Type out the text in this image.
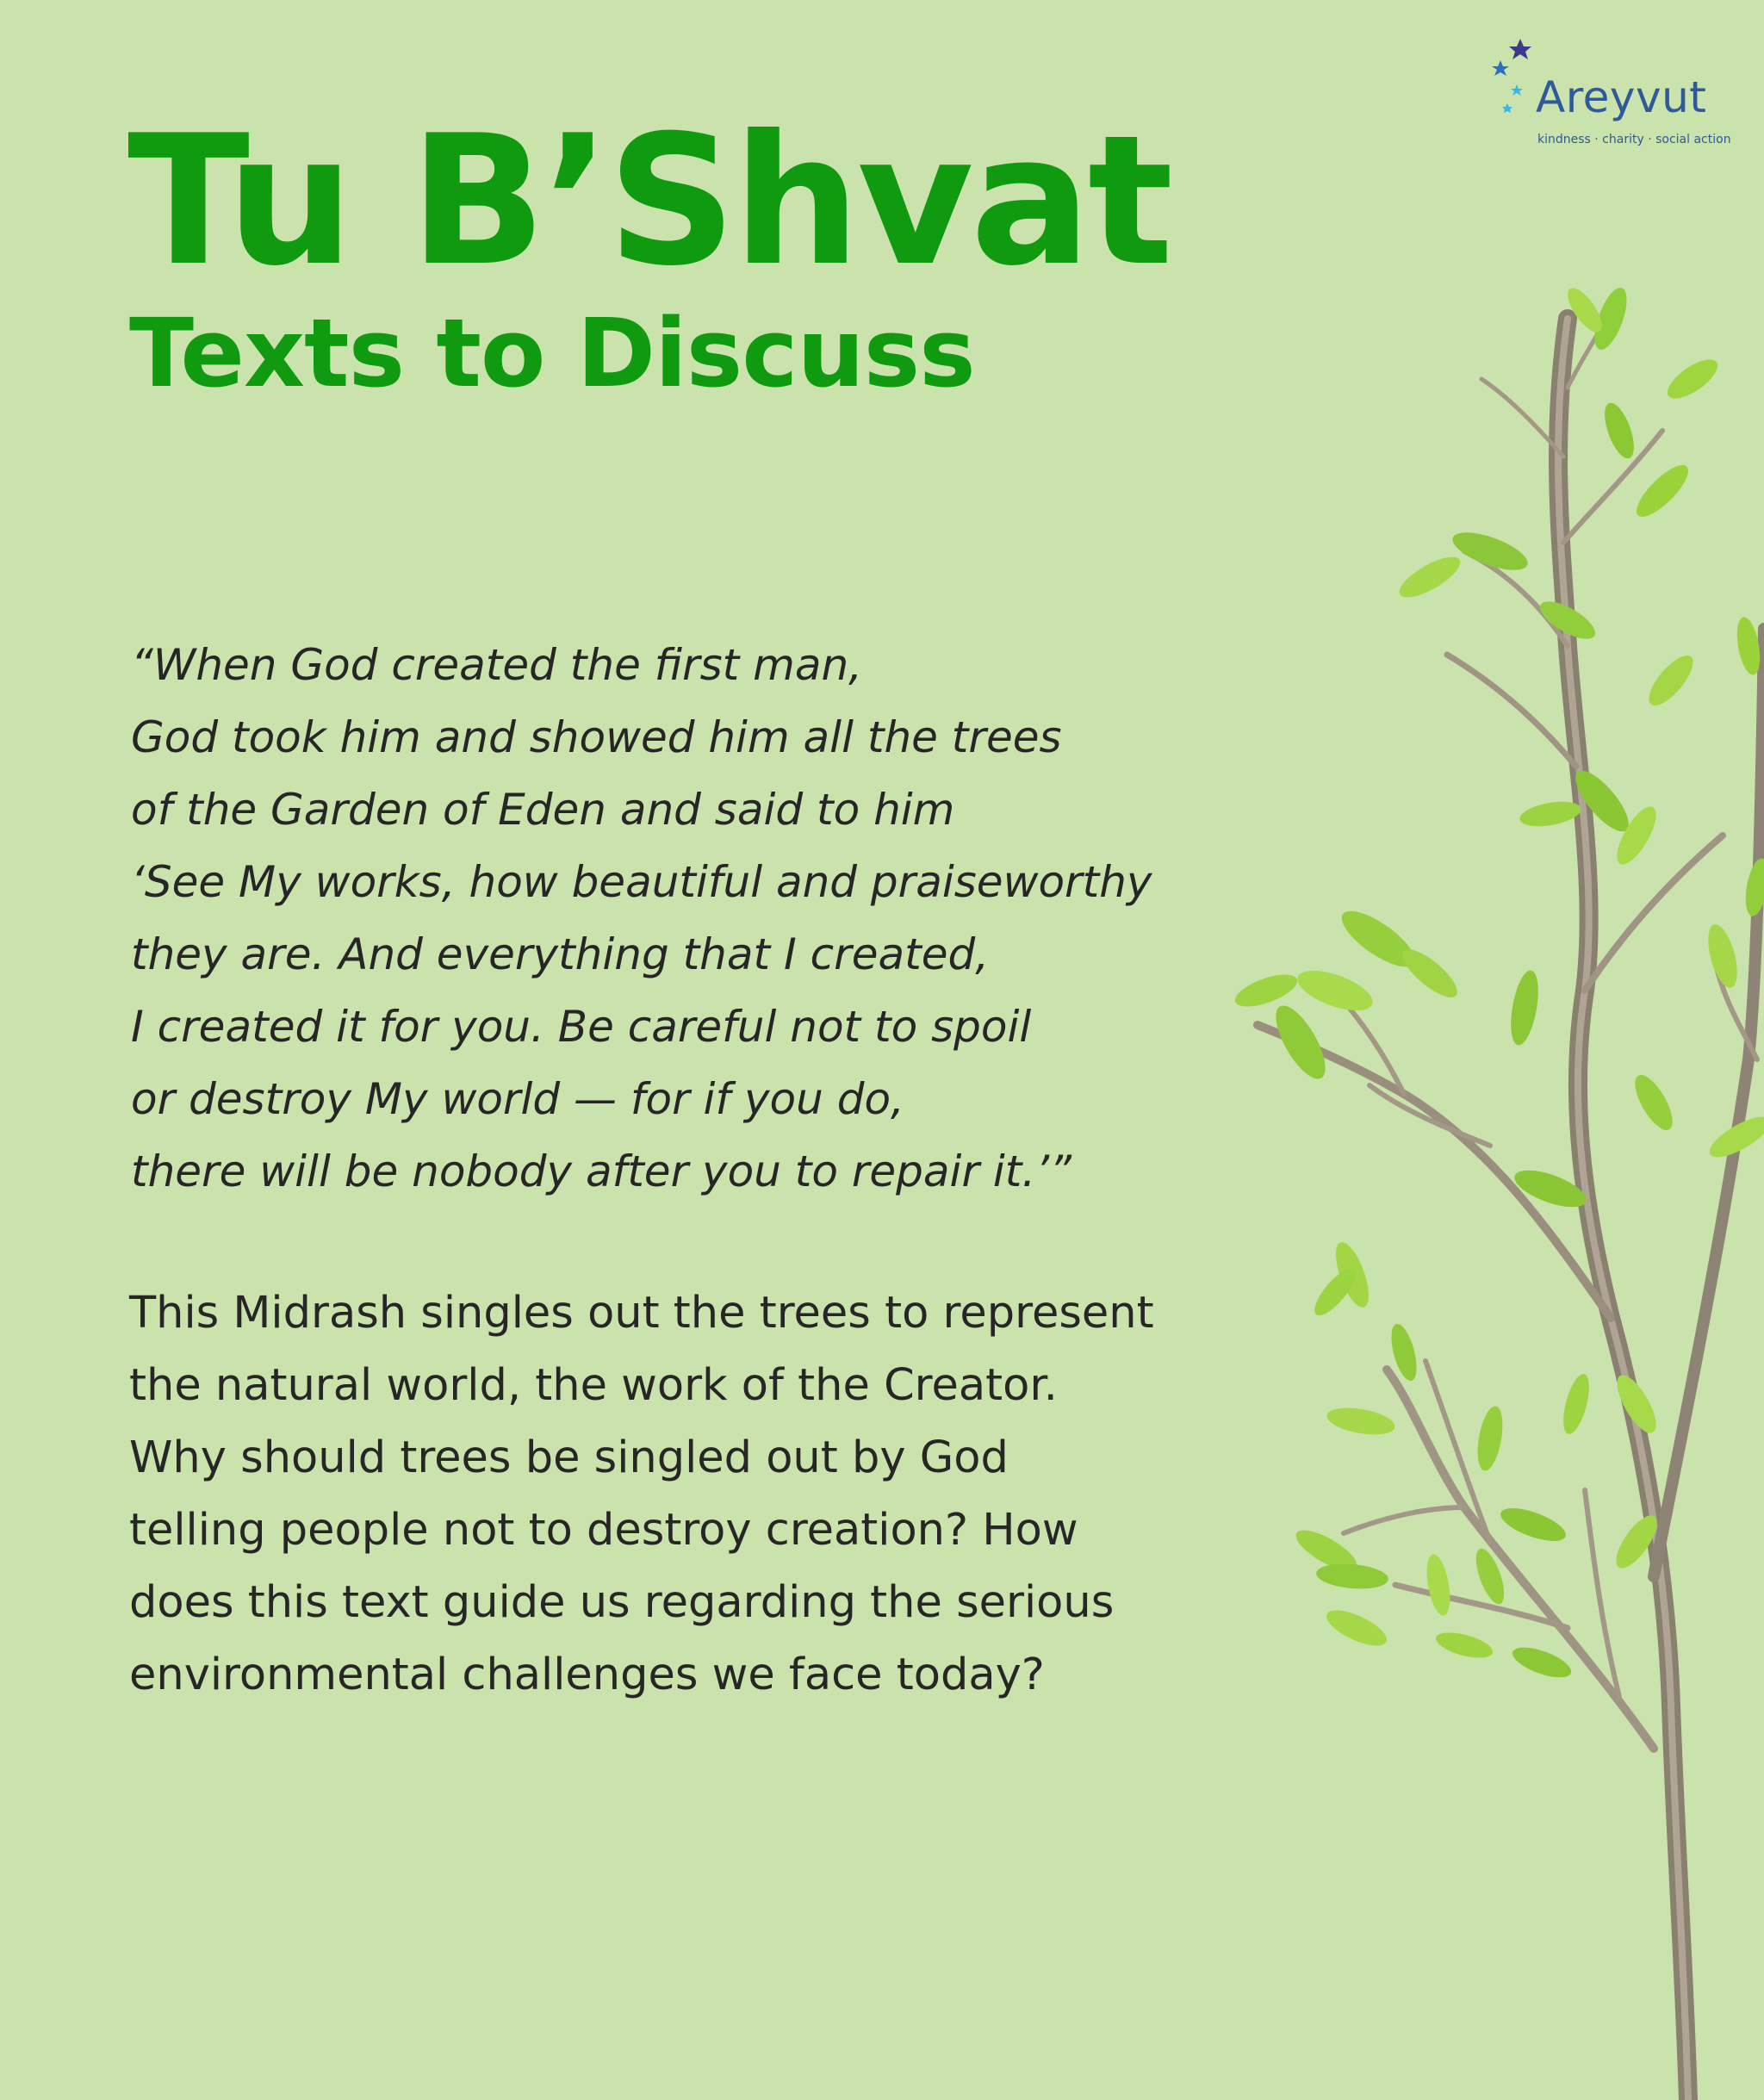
Areyvut
kindness · charity · social action
Tu B’Shvat
Texts to Discuss
“When God created the first man,
God took him and showed him all the trees
of the Garden of Eden and said to him
‘See My works, how beautiful and praiseworthy
they are. And everything that I created,
I created it for you. Be careful not to spoil
or destroy My world — for if you do,
there will be nobody after you to repair it.’”
This Midrash singles out the trees to represent
the natural world, the work of the Creator.
Why should trees be singled out by God
telling people not to destroy creation? How
does this text guide us regarding the serious
environmental challenges we face today?
